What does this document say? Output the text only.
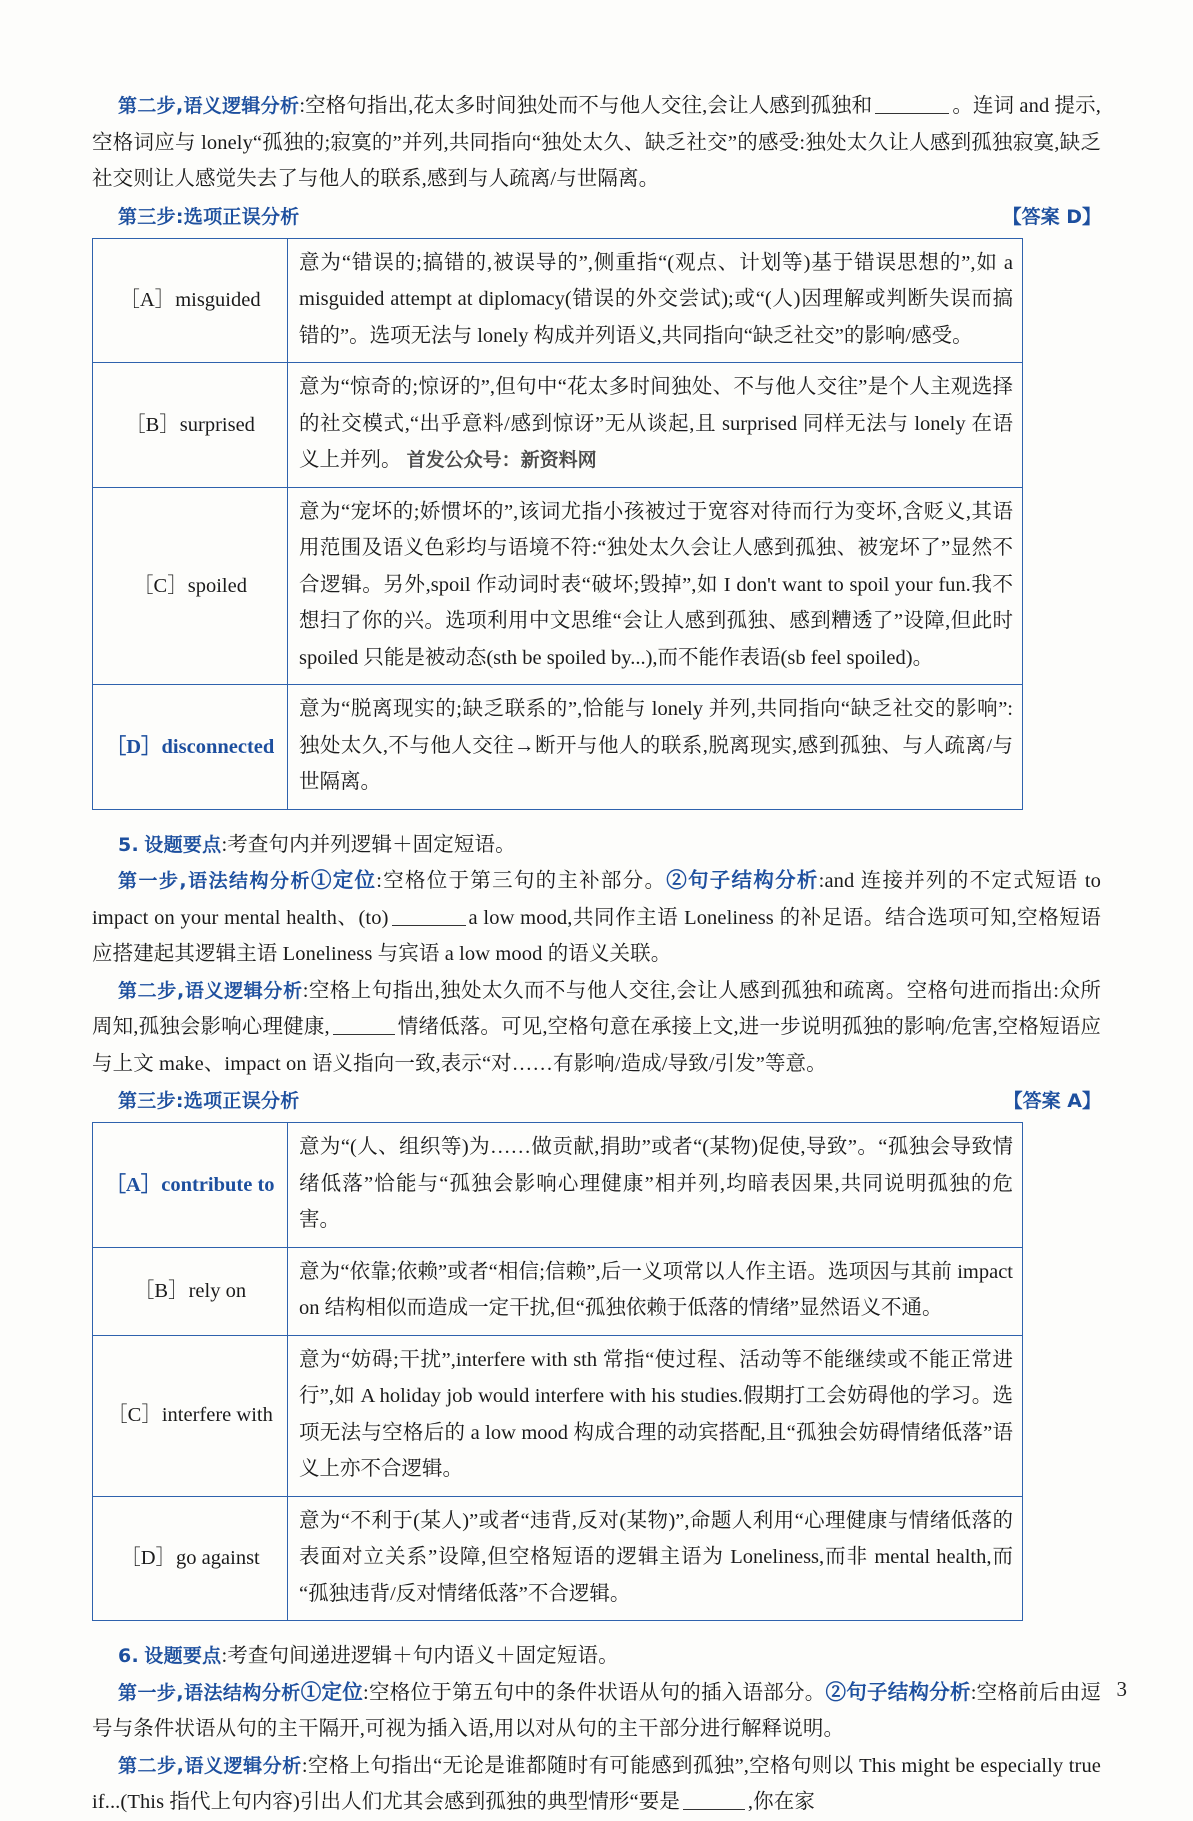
第二步,语义逻辑分析:空格句指出,花太多时间独处而不与他人交往,会让人感到孤独和	。连词 and 提示,空格词应与 lonely“孤独的;寂寞的”并列,共同指向“独处太久、缺乏社交”的感受:独处太久让人感到孤独寂寞,缺乏社交则让人感觉失去了与他人的联系,感到与人疏离/与世隔离。

第三步:选项正误分析	【答案 D】
［A］misguided	意为“错误的;搞错的,被误导的”,侧重指“(观点、计划等)基于错误思想的”,如 a misguided attempt at diplomacy(错误的外交尝试);或“(人)因理解或判断失误而搞错的”。选项无法与 lonely 构成并列语义,共同指向“缺乏社交”的影响/感受。
［B］surprised	意为“惊奇的;惊讶的”,但句中“花太多时间独处、不与他人交往”是个人主观选择的社交模式,“出乎意料/感到惊讶”无从谈起,且 surprised 同样无法与 lonely 在语义上并列。 首发公众号：新资料网
［C］spoiled	意为“宠坏的;娇惯坏的”,该词尤指小孩被过于宽容对待而行为变坏,含贬义,其语用范围及语义色彩均与语境不符:“独处太久会让人感到孤独、被宠坏了”显然不合逻辑。另外,spoil 作动词时表“破坏;毁掉”,如 I don't want to spoil your fun.我不想扫了你的兴。选项利用中文思维“会让人感到孤独、感到糟透了”设障,但此时 spoiled 只能是被动态(sth be spoiled by...),而不能作表语(sb feel spoiled)。
［D］disconnected	意为“脱离现实的;缺乏联系的”,恰能与 lonely 并列,共同指向“缺乏社交的影响”:独处太久,不与他人交往→断开与他人的联系,脱离现实,感到孤独、与人疏离/与世隔离。

5. 设题要点:考查句内并列逻辑＋固定短语。

第一步,语法结构分析①定位:空格位于第三句的主补部分。②句子结构分析:and 连接并列的不定式短语 to impact on your mental health、(to)	a low mood,共同作主语 Loneliness 的补足语。结合选项可知,空格短语应搭建起其逻辑主语 Loneliness 与宾语 a low mood 的语义关联。

第二步,语义逻辑分析:空格上句指出,独处太久而不与他人交往,会让人感到孤独和疏离。空格句进而指出:众所周知,孤独会影响心理健康,	情绪低落。可见,空格句意在承接上文,进一步说明孤独的影响/危害,空格短语应与上文 make、impact on 语义指向一致,表示“对……有影响/造成/导致/引发”等意。

第三步:选项正误分析	【答案 A】
［A］contribute to	意为“(人、组织等)为……做贡献,捐助”或者“(某物)促使,导致”。“孤独会导致情绪低落”恰能与“孤独会影响心理健康”相并列,均暗表因果,共同说明孤独的危害。
［B］rely on	意为“依靠;依赖”或者“相信;信赖”,后一义项常以人作主语。选项因与其前 impact on 结构相似而造成一定干扰,但“孤独依赖于低落的情绪”显然语义不通。
［C］interfere with	意为“妨碍;干扰”,interfere with sth 常指“使过程、活动等不能继续或不能正常进行”,如 A holiday job would interfere with his studies.假期打工会妨碍他的学习。选项无法与空格后的 a low mood 构成合理的动宾搭配,且“孤独会妨碍情绪低落”语义上亦不合逻辑。
［D］go against	意为“不利于(某人)”或者“违背,反对(某物)”,命题人利用“心理健康与情绪低落的表面对立关系”设障,但空格短语的逻辑主语为 Loneliness,而非 mental health,而“孤独违背/反对情绪低落”不合逻辑。

6. 设题要点:考查句间递进逻辑＋句内语义＋固定短语。

第一步,语法结构分析①定位:空格位于第五句中的条件状语从句的插入语部分。②句子结构分析:空格前后由逗号与条件状语从句的主干隔开,可视为插入语,用以对从句的主干部分进行解释说明。

第二步,语义逻辑分析:空格上句指出“无论是谁都随时有可能感到孤独”,空格句则以 This might be especially true if...(This 指代上句内容)引出人们尤其会感到孤独的典型情形“要是	,你在家

3
